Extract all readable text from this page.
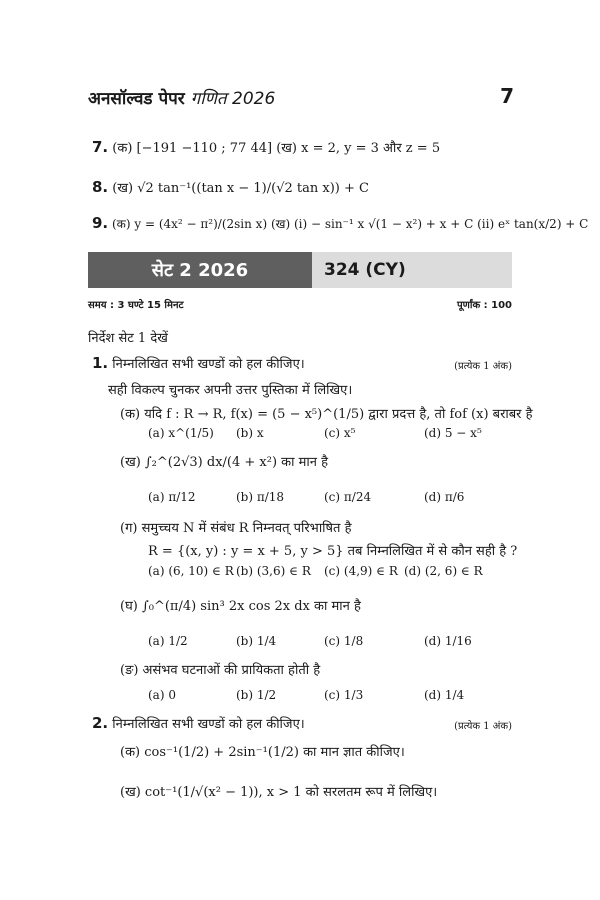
अनसॉल्वड पेपर गणित 2026	7
7. (क) [−191 −110 ; 77 44] (ख) x = 2, y = 3 और z = 5
8. (ख) √2 tan⁻¹((tan x − 1)/(√2 tan x)) + C
9. (क) y = (4x² − π²)/(2sin x) (ख) (i) − sin⁻¹ x √(1 − x²) + x + C (ii) eˣ tan(x/2) + C
सेट 2 2026	324 (CY)
समय : 3 घण्टे 15 मिनट	पूर्णांक : 100
निर्देश सेट 1 देखें
1. निम्नलिखित सभी खण्डों को हल कीजिए।	(प्रत्येक 1 अंक)
सही विकल्प चुनकर अपनी उत्तर पुस्तिका में लिखिए।
(क) यदि f : R → R, f(x) = (5 − x⁵)^(1/5) द्वारा प्रदत्त है, तो fof (x) बराबर है
(a) x^(1/5) (b) x	(c) x⁵	(d) 5 − x⁵
(ख) ∫₂^(2√3) dx/(4 + x²) का मान है
(a) π/12	(b) π/18	(c) π/24	(d) π/6
(ग) समुच्चय N में संबंध R निम्नवत् परिभाषित है
R = {(x, y) : y = x + 5, y > 5} तब निम्नलिखित में से कौन सही है ?
(a) (6, 10) ∈ R (b) (3,6) ∈ R (c) (4,9) ∈ R (d) (2, 6) ∈ R
(घ) ∫₀^(π/4) sin³ 2x cos 2x dx का मान है
(a) 1/2	(b) 1/4	(c) 1/8	(d) 1/16
(ङ) असंभव घटनाओं की प्रायिकता होती है
(a) 0	(b) 1/2	(c) 1/3	(d) 1/4
2. निम्नलिखित सभी खण्डों को हल कीजिए।	(प्रत्येक 1 अंक)
(क) cos⁻¹(1/2) + 2sin⁻¹(1/2) का मान ज्ञात कीजिए।
(ख) cot⁻¹(1/√(x² − 1)), x > 1 को सरलतम रूप में लिखिए।
